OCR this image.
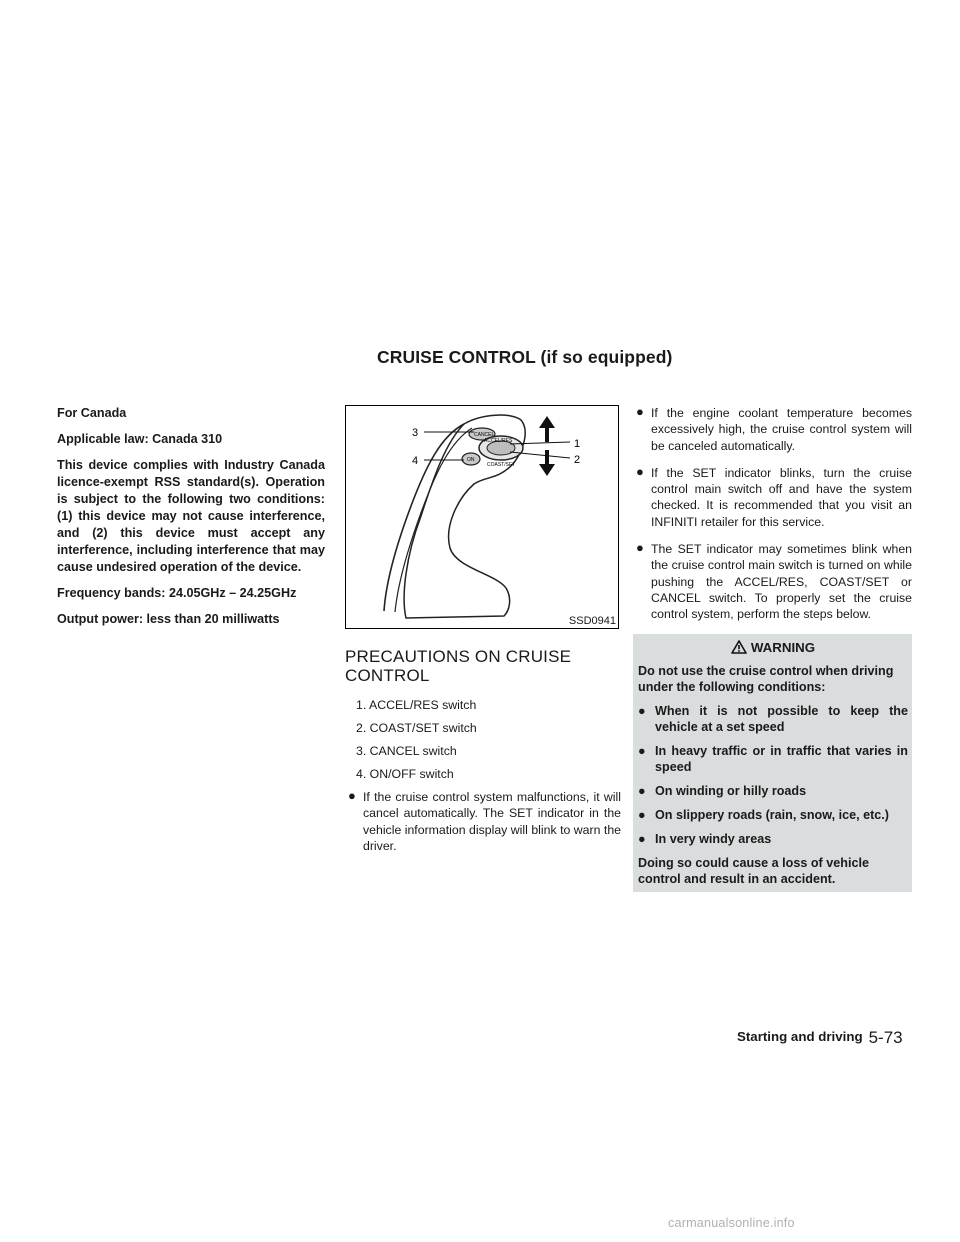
CRUISE CONTROL (if so equipped)

For Canada

Applicable law: Canada 310

This device complies with Industry Canada licence-exempt RSS standard(s). Operation is subject to the following two conditions: (1) this device may not cause interference, and (2) this device must accept any interference, including interference that may cause undesired operation of the device.

Frequency bands: 24.05GHz – 24.25GHz

Output power: less than 20 milliwatts

CANCEL
ACCEL/RES
ON
COAST/SET
1
2
3
4
SSD0941
PRECAUTIONS ON CRUISE CONTROL
1. ACCEL/RES switch
2. COAST/SET switch
3. CANCEL switch
4. ON/OFF switch
● If the cruise control system malfunctions, it will cancel automatically. The SET indicator in the vehicle information display will blink to warn the driver.
● If the engine coolant temperature becomes excessively high, the cruise control system will be canceled automatically.
● If the SET indicator blinks, turn the cruise control main switch off and have the system checked. It is recommended that you visit an INFINITI retailer for this service.
● The SET indicator may sometimes blink when the cruise control main switch is turned on while pushing the ACCEL/RES, COAST/SET or CANCEL switch. To properly set the cruise control system, perform the steps below.
WARNING

Do not use the cruise control when driving under the following conditions:

● When it is not possible to keep the vehicle at a set speed
● In heavy traffic or in traffic that varies in speed
● On winding or hilly roads
● On slippery roads (rain, snow, ice, etc.)
● In very windy areas

Doing so could cause a loss of vehicle control and result in an accident.

Starting and driving 5-73
carmanualsonline.info
